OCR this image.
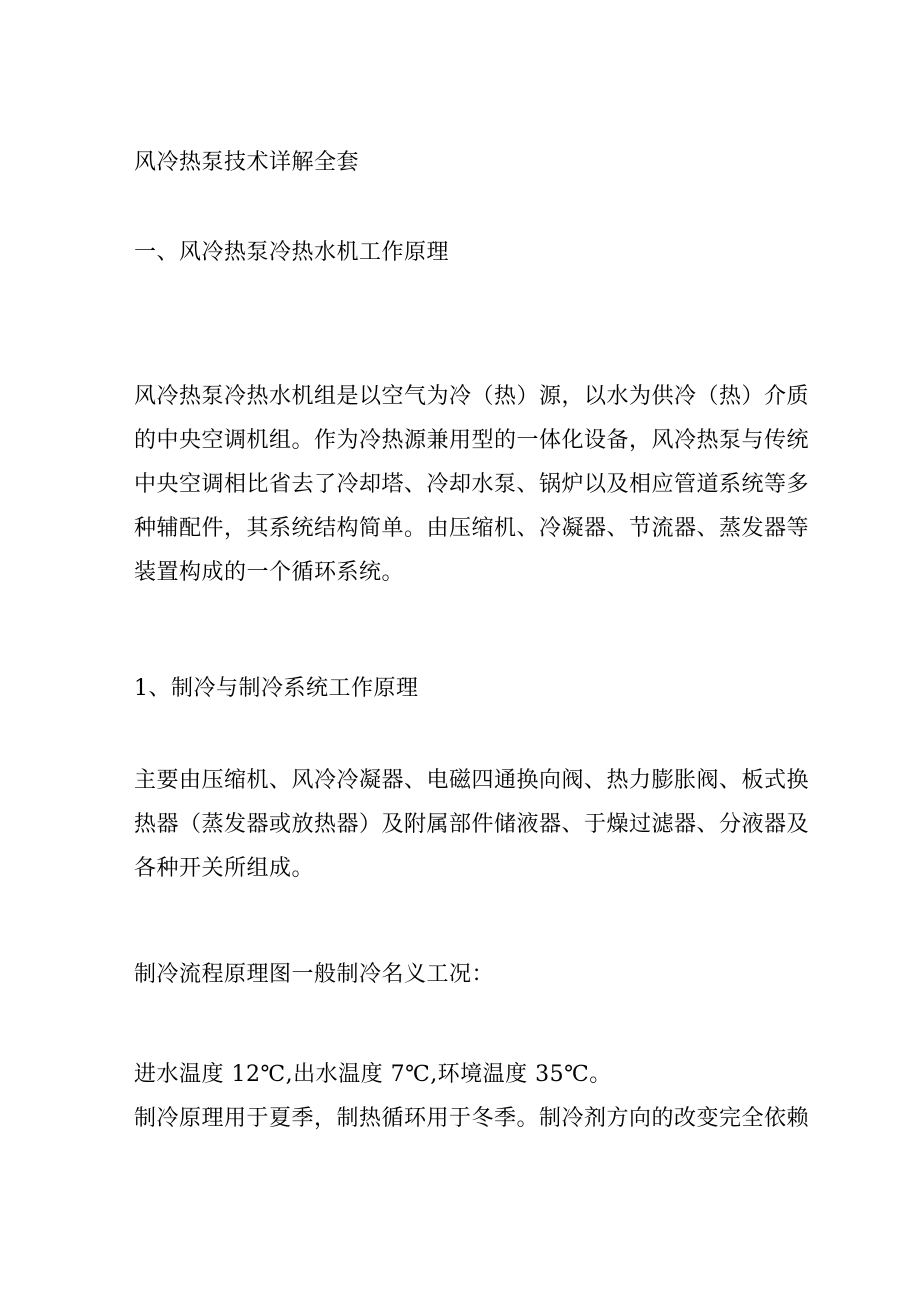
风冷热泵技术详解全套

一、风冷热泵冷热水机工作原理

风冷热泵冷热水机组是以空气为冷（热）源，以水为供冷（热）介质
的中央空调机组。作为冷热源兼用型的一体化设备，风冷热泵与传统
中央空调相比省去了冷却塔、冷却水泵、锅炉以及相应管道系统等多
种辅配件，其系统结构简单。由压缩机、冷凝器、节流器、蒸发器等
装置构成的一个循环系统。

1、制冷与制冷系统工作原理

主要由压缩机、风冷冷凝器、电磁四通换向阀、热力膨胀阀、板式换
热器（蒸发器或放热器）及附属部件储液器、于燥过滤器、分液器及
各种开关所组成。

制冷流程原理图一般制冷名义工况：

进水温度 12℃,出水温度 7℃,环境温度 35℃。

制冷原理用于夏季，制热循环用于冬季。制冷剂方向的改变完全依赖
